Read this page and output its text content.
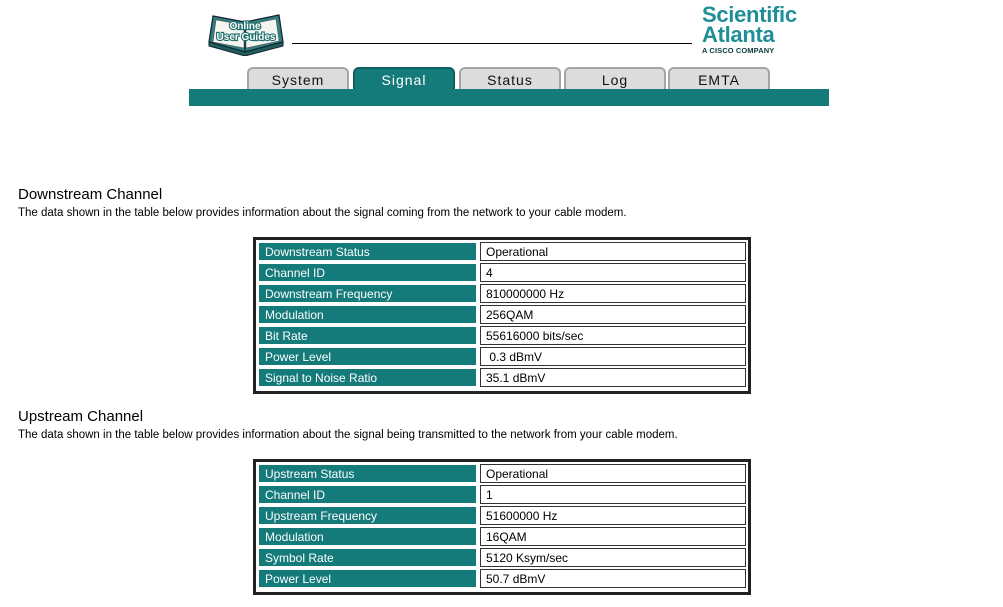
Online
User Guides
Scientific
Atlanta
A CISCO COMPANY
System	Signal	Status	Log	EMTA
Downstream Channel
The data shown in the table below provides information about the signal coming from the network to your cable modem.
Downstream Status	Operational
Channel ID	4
Downstream Frequency	810000000 Hz
Modulation	256QAM
Bit Rate	55616000 bits/sec
Power Level	0.3 dBmV
Signal to Noise Ratio	35.1 dBmV
Upstream Channel
The data shown in the table below provides information about the signal being transmitted to the network from your cable modem.
Upstream Status	Operational
Channel ID	1
Upstream Frequency	51600000 Hz
Modulation	16QAM
Symbol Rate	5120 Ksym/sec
Power Level	50.7 dBmV
